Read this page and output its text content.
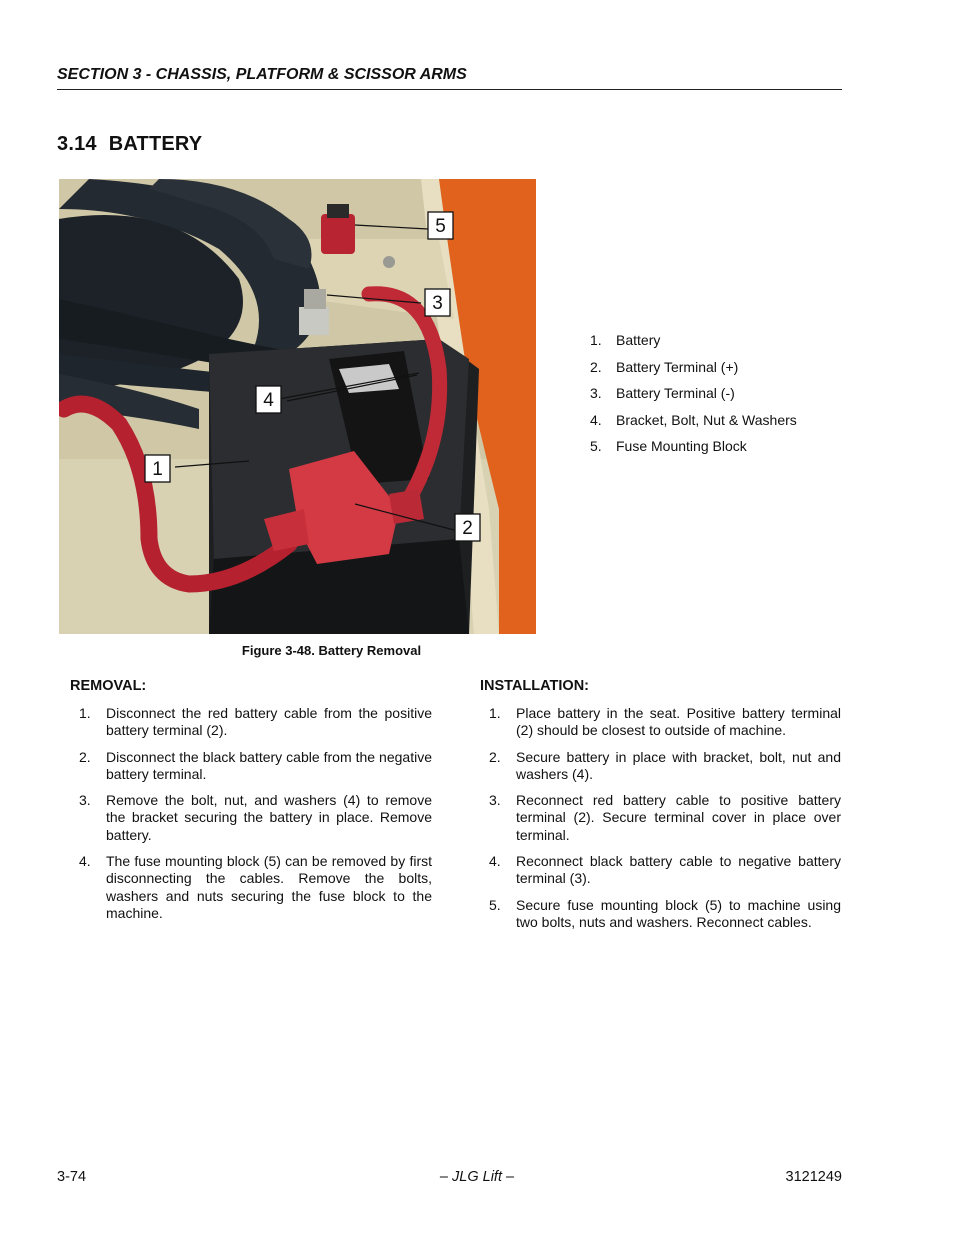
SECTION 3 - CHASSIS, PLATFORM & SCISSOR ARMS
3.14 BATTERY
5
3
4
1
2
Figure 3-48. Battery Removal
1.	Battery
2.	Battery Terminal (+)
3.	Battery Terminal (-)
4.	Bracket, Bolt, Nut & Washers
5.	Fuse Mounting Block
REMOVAL:
1.	Disconnect the red battery cable from the positive battery terminal (2).
2.	Disconnect the black battery cable from the negative battery terminal.
3.	Remove the bolt, nut, and washers (4) to remove the bracket securing the battery in place. Remove battery.
4.	The fuse mounting block (5) can be removed by first disconnecting the cables. Remove the bolts, washers and nuts securing the fuse block to the machine.
INSTALLATION:
1.	Place battery in the seat. Positive battery terminal (2) should be closest to outside of machine.
2.	Secure battery in place with bracket, bolt, nut and washers (4).
3.	Reconnect red battery cable to positive battery terminal (2). Secure terminal cover in place over terminal.
4.	Reconnect black battery cable to negative battery terminal (3).
5.	Secure fuse mounting block (5) to machine using two bolts, nuts and washers. Reconnect cables.
3-74	– JLG Lift –	3121249
